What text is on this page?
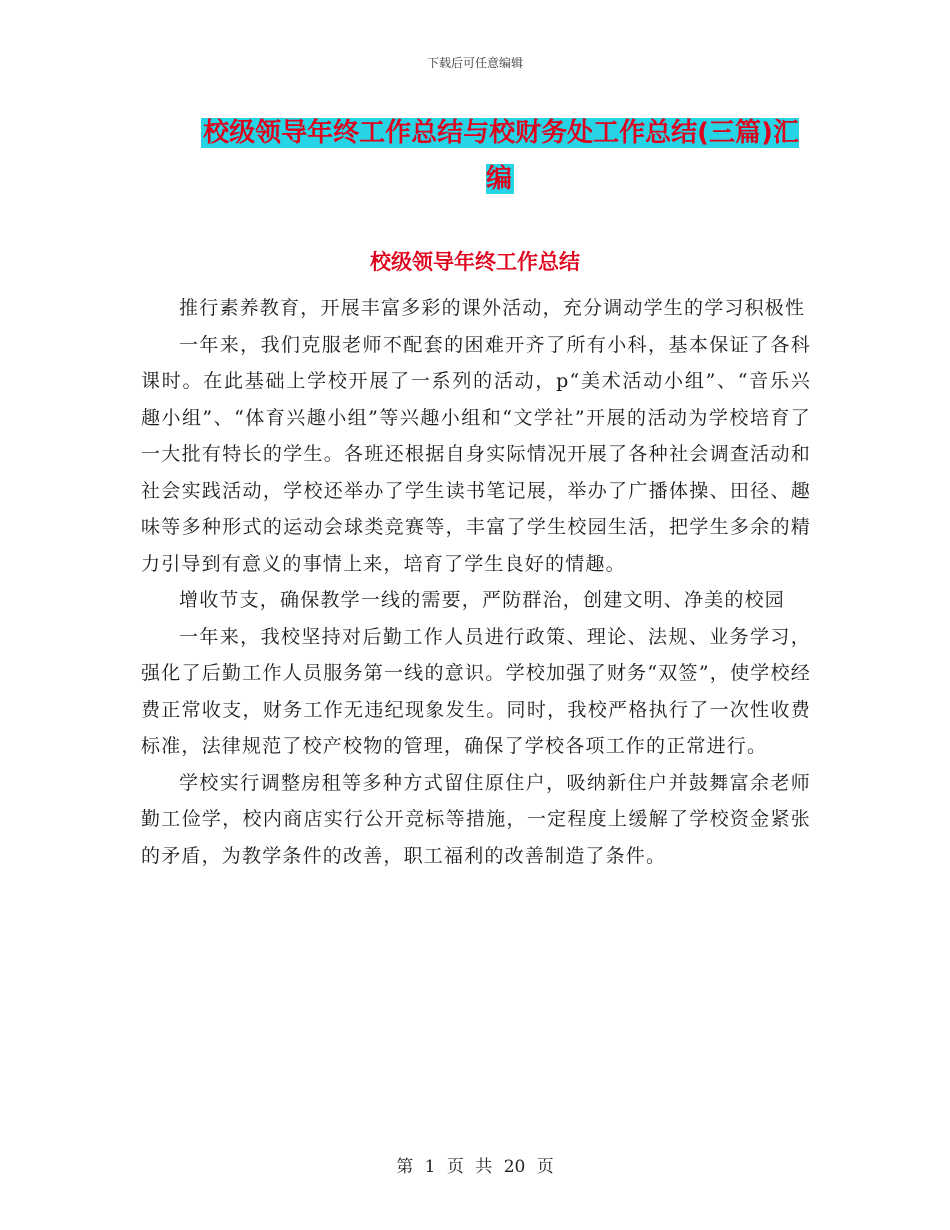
下载后可任意编辑
校级领导年终工作总结与校财务处工作总结(三篇)汇编
校级领导年终工作总结

推行素养教育，开展丰富多彩的课外活动，充分调动学生的学习积极性

一年来，我们克服老师不配套的困难开齐了所有小科，基本保证了各科课时。在此基础上学校开展了一系列的活动，p“美术活动小组”、“音乐兴趣小组”、“体育兴趣小组”等兴趣小组和“文学社”开展的活动为学校培育了一大批有特长的学生。各班还根据自身实际情况开展了各种社会调查活动和社会实践活动，学校还举办了学生读书笔记展，举办了广播体操、田径、趣味等多种形式的运动会球类竞赛等，丰富了学生校园生活，把学生多余的精力引导到有意义的事情上来，培育了学生良好的情趣。

增收节支，确保教学一线的需要，严防群治，创建文明、净美的校园

一年来，我校坚持对后勤工作人员进行政策、理论、法规、业务学习，强化了后勤工作人员服务第一线的意识。学校加强了财务“双签”，使学校经费正常收支，财务工作无违纪现象发生。同时，我校严格执行了一次性收费标准，法律规范了校产校物的管理，确保了学校各项工作的正常进行。

学校实行调整房租等多种方式留住原住户，吸纳新住户并鼓舞富余老师勤工俭学，校内商店实行公开竞标等措施，一定程度上缓解了学校资金紧张的矛盾，为教学条件的改善，职工福利的改善制造了条件。

第 1 页 共 20 页
